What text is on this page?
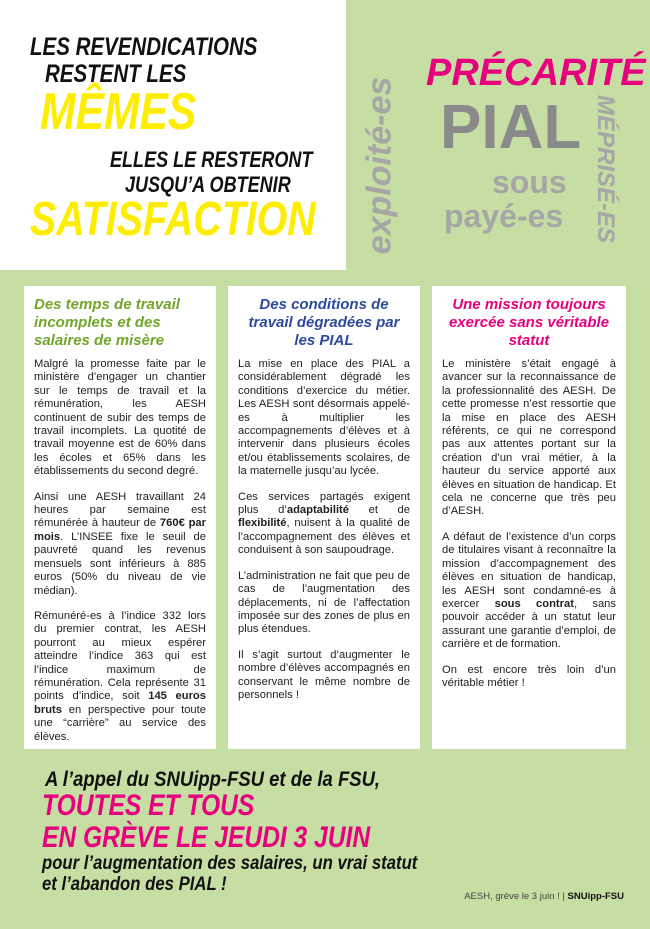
LES REVENDICATIONS
RESTENT LES
MÊMES
ELLES LE RESTERONT
JUSQU’A OBTENIR
SATISFACTION
PRÉCARITÉ
PIAL
sous
payé-es
exploité-es	MÉPRISÉ-ES
Des temps de travail incomplets et des salaires de misère

Malgré la promesse faite par le ministère d’engager un chantier sur le temps de travail et la rémunération, les AESH continuent de subir des temps de travail incomplets. La quotité de travail moyenne est de 60% dans les écoles et 65% dans les établissements du second degré.

Ainsi une AESH travaillant 24 heures par semaine est rémunérée à hauteur de 760€ par mois. L’INSEE fixe le seuil de pauvreté quand les revenus mensuels sont inférieurs à 885 euros (50% du niveau de vie médian).

Rémunéré-es à l’indice 332 lors du premier contrat, les AESH pourront au mieux espérer atteindre l’indice 363 qui est l’indice maximum de rémunération. Cela représente 31 points d’indice, soit 145 euros bruts en perspective pour toute une “carrière” au service des élèves.

Des conditions de travail dégradées par les PIAL

La mise en place des PIAL a considérablement dégradé les conditions d’exercice du métier. Les AESH sont désormais appelé-es à multiplier les accompagnements d’élèves et à intervenir dans plusieurs écoles et/ou établissements scolaires, de la maternelle jusqu’au lycée.

Ces services partagés exigent plus d’adaptabilité et de flexibilité, nuisent à la qualité de l’accompagnement des élèves et conduisent à son saupoudrage.

L’administration ne fait que peu de cas de l’augmentation des déplacements, ni de l’affectation imposée sur des zones de plus en plus étendues.

Il s’agit surtout d’augmenter le nombre d’élèves accompagnés en conservant le même nombre de personnels !

Une mission toujours exercée sans véritable statut

Le ministère s’était engagé à avancer sur la reconnaissance de la professionnalité des AESH. De cette promesse n’est ressortie que la mise en place des AESH référents, ce qui ne correspond pas aux attentes portant sur la création d’un vrai métier, à la hauteur du service apporté aux élèves en situation de handicap. Et cela ne concerne que très peu d’AESH.

A défaut de l’existence d’un corps de titulaires visant à reconnaître la mission d’accompagnement des élèves en situation de handicap, les AESH sont condamné-es à exercer sous contrat, sans pouvoir accéder à un statut leur assurant une garantie d’emploi, de carrière et de formation.

On est encore très loin d’un véritable métier !

A l’appel du SNUipp-FSU et de la FSU,
TOUTES ET TOUS
EN GRÈVE LE JEUDI 3 JUIN
pour l’augmentation des salaires, un vrai statut
et l’abandon des PIAL !
AESH, grève le 3 juin ! | SNUipp-FSU
